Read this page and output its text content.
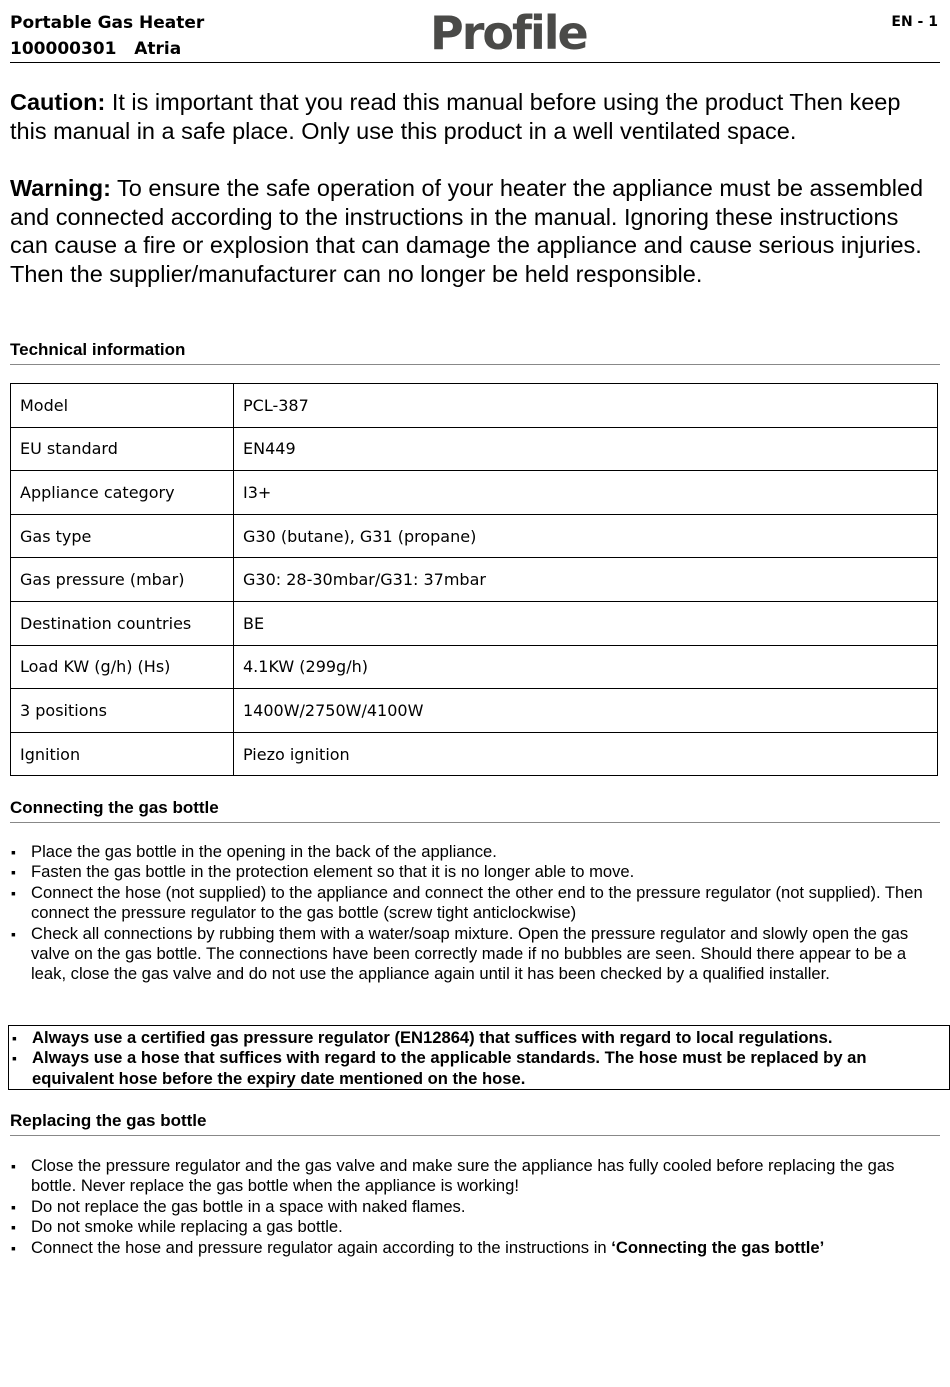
Portable Gas Heater
100000301   Atria	Profile	EN - 1

Caution: It is important that you read this manual before using the product Then keep this manual in a safe place. Only use this product in a well ventilated space.

Warning: To ensure the safe operation of your heater the appliance must be assembled and connected according to the instructions in the manual. Ignoring these instructions can cause a fire or explosion that can damage the appliance and cause serious injuries. Then the supplier/manufacturer can no longer be held responsible.

Technical information
Model	PCL-387
EU standard	EN449
Appliance category	I3+
Gas type	G30 (butane), G31 (propane)
Gas pressure (mbar)	G30: 28-30mbar/G31: 37mbar
Destination countries	BE
Load KW (g/h) (Hs)	4.1KW (299g/h)
3 positions	1400W/2750W/4100W
Ignition	Piezo ignition
Connecting the gas bottle
▪ Place the gas bottle in the opening in the back of the appliance.
▪ Fasten the gas bottle in the protection element so that it is no longer able to move.
▪ Connect the hose (not supplied) to the appliance and connect the other end to the pressure regulator (not supplied). Then connect the pressure regulator to the gas bottle (screw tight anticlockwise)
▪ Check all connections by rubbing them with a water/soap mixture. Open the pressure regulator and slowly open the gas valve on the gas bottle. The connections have been correctly made if no bubbles are seen. Should there appear to be a leak, close the gas valve and do not use the appliance again until it has been checked by a qualified installer.
▪ Always use a certified gas pressure regulator (EN12864) that suffices with regard to local regulations.
▪ Always use a hose that suffices with regard to the applicable standards. The hose must be replaced by an equivalent hose before the expiry date mentioned on the hose.
Replacing the gas bottle
▪ Close the pressure regulator and the gas valve and make sure the appliance has fully cooled before replacing the gas bottle. Never replace the gas bottle when the appliance is working!
▪ Do not replace the gas bottle in a space with naked flames.
▪ Do not smoke while replacing a gas bottle.
▪ Connect the hose and pressure regulator again according to the instructions in ‘Connecting the gas bottle’
